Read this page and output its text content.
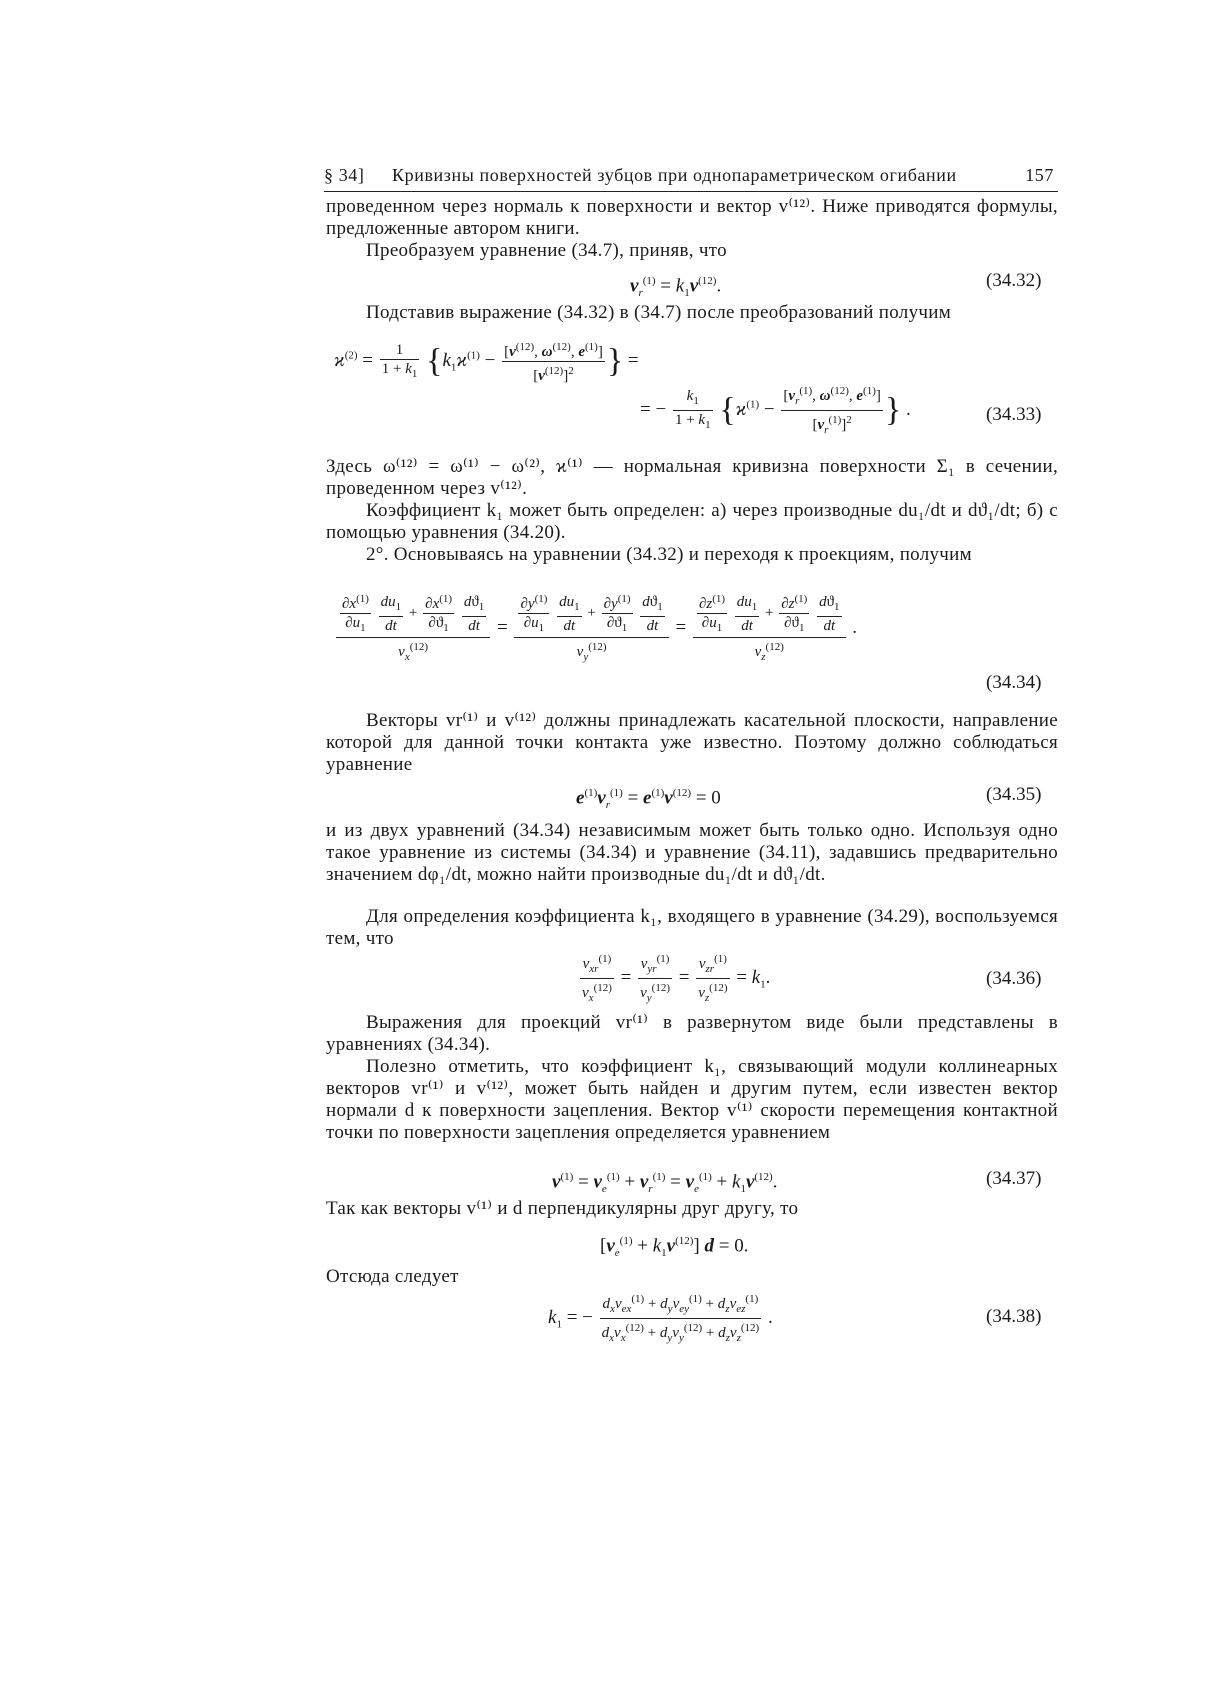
§ 34] Кривизны поверхностей зубцов при однопараметрическом огибании	157
проведенном через нормаль к поверхности и вектор v⁽¹²⁾. Ниже приводятся формулы, предложенные автором книги.
Преобразуем уравнение (34.7), приняв, что
$v_r^{(1)} = k_1v^{(12)}$.	(34.32)
Подставив выражение (34.32) в (34.7) после преобразований получим
$ϰ^{(2)} = \frac{1}{1 + k_1} \{k_1ϰ^{(1)} - \frac{[v^{(12)}, \omega^{(12)}, e^{(1)}]}{[v^{(12)}]^2}$ } =
= − $\frac{k_1}{1 + k_1} \{ϰ^{(1)} - \frac{[v_r^{(1)}, \omega^{(12)}, e^{(1)}]}{[v_r^{(1)}]^2}$ } .	(34.33)
Здесь ω⁽¹²⁾ = ω⁽¹⁾ − ω⁽²⁾, ϰ⁽¹⁾ — нормальная кривизна поверхности Σ₁ в сечении, проведенном через v⁽¹²⁾.
Коэффициент k₁ может быть определен: а) через производные du₁/dt и dϑ₁/dt; б) с помощью уравнения (34.20).
2°. Основываясь на уравнении (34.32) и переходя к проекциям, получим
$\frac{\partial x^{(1)}}{\partial u_1}$
$\frac{du_1}{dt} + \frac{\partial x^{(1)}}{\partial ϑ_1}$
$\frac{dϑ_1}{dt}$
$v_x^{(12)} = \frac{\partial y^{(1)}}{\partial u_1}$
$\frac{du_1}{dt} + \frac{\partial y^{(1)}}{\partial ϑ_1}$
$\frac{dϑ_1}{dt}$
$v_y^{(12)} = \frac{\partial z^{(1)}}{\partial u_1}$
$\frac{du_1}{dt} + \frac{\partial z^{(1)}}{\partial ϑ_1}$
$\frac{dϑ_1}{dt}$
$v_z^{(12)}$ .
(34.34)
Векторы vr⁽¹⁾ и v⁽¹²⁾ должны принадлежать касательной плоскости, направление которой для данной точки контакта уже известно. Поэтому должно соблюдаться уравнение
$e^{(1)}v_r^{(1)} = e^{(1)}v^{(12)} = 0$	(34.35)
и из двух уравнений (34.34) независимым может быть только одно. Используя одно такое уравнение из системы (34.34) и уравнение (34.11), задавшись предварительно значением dφ₁/dt, можно найти производные du₁/dt и dϑ₁/dt.
Для определения коэффициента k₁, входящего в уравнение (34.29), воспользуемся тем, что
$\frac{v_{xr}^{(1)}}{v_x^{(12)}} = \frac{v_{yr}^{(1)}}{v_y^{(12)}} = \frac{v_{zr}^{(1)}}{v_z^{(12)}} = k_1$.	(34.36)
Выражения для проекций vr⁽¹⁾ в развернутом виде были представлены в уравнениях (34.34).
Полезно отметить, что коэффициент k₁, связывающий модули коллинеарных векторов vr⁽¹⁾ и v⁽¹²⁾, может быть найден и другим путем, если известен вектор нормали d к поверхности зацепления. Вектор v⁽¹⁾ скорости перемещения контактной точки по поверхности зацепления определяется уравнением
$v^{(1)} = v_e^{(1)} + v_r^{(1)} = v_e^{(1)} + k_1v^{(12)}$.	(34.37)
Так как векторы v⁽¹⁾ и d перпендикулярны друг другу, то
$[v_e^{(1)} + k_1v^{(12)}] d = 0$.
Отсюда следует
$k_1$ = − $\frac{d_xv_{ex}^{(1)} + d_yv_{ey}^{(1)} + d_zv_{ez}^{(1)}}{d_xv_x^{(12)} + d_yv_y^{(12)} + d_zv_z^{(12)}}$ .	(34.38)
